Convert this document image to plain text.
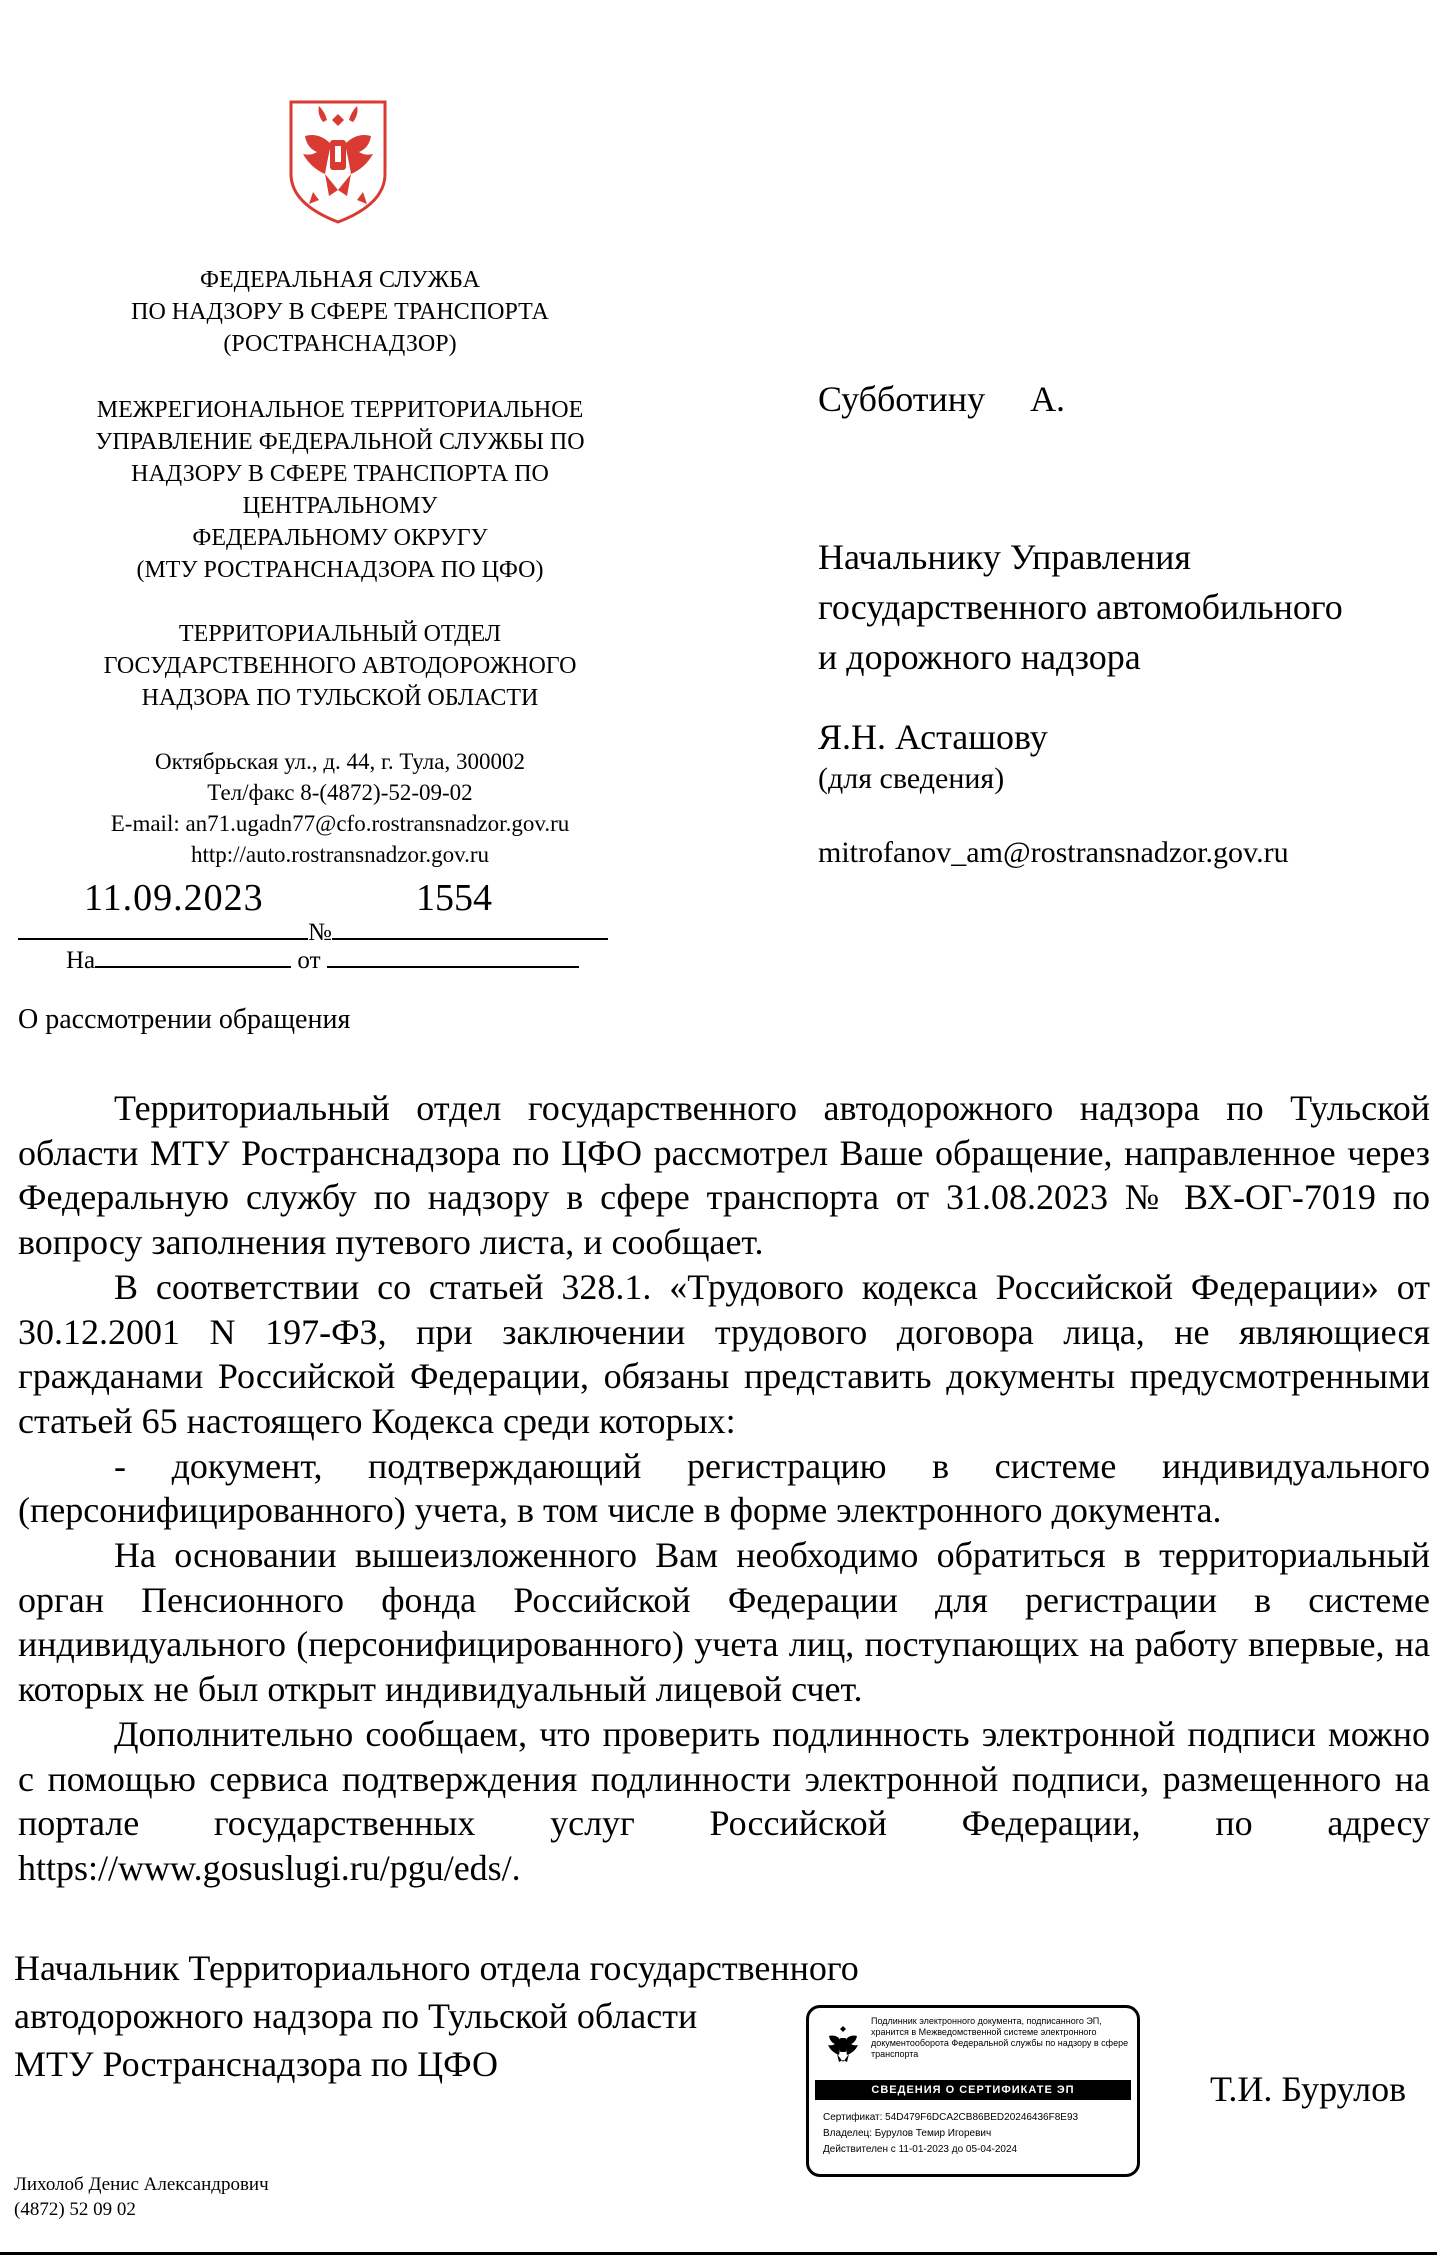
ФЕДЕРАЛЬНАЯ СЛУЖБА
ПО НАДЗОРУ В СФЕРЕ ТРАНСПОРТА
(РОСТРАНСНАДЗОР)
МЕЖРЕГИОНАЛЬНОЕ ТЕРРИТОРИАЛЬНОЕ
УПРАВЛЕНИЕ ФЕДЕРАЛЬНОЙ СЛУЖБЫ ПО
НАДЗОРУ В СФЕРЕ ТРАНСПОРТА ПО
ЦЕНТРАЛЬНОМУ
ФЕДЕРАЛЬНОМУ ОКРУГУ
(МТУ РОСТРАНСНАДЗОРА ПО ЦФО)
ТЕРРИТОРИАЛЬНЫЙ ОТДЕЛ
ГОСУДАРСТВЕННОГО АВТОДОРОЖНОГО
НАДЗОРА ПО ТУЛЬСКОЙ ОБЛАСТИ
Октябрьская ул., д. 44, г. Тула, 300002
Тел/факс 8-(4872)-52-09-02
E-mail: an71.ugadn77@cfo.rostransnadzor.gov.ru
http://auto.rostransnadzor.gov.ru
11.09.2023	1554
№
На	от
Субботину     А.
Начальнику Управления
государственного автомобильного
и дорожного надзора
Я.Н. Асташову
(для сведения)
mitrofanov_am@rostransnadzor.gov.ru
О рассмотрении обращения

Территориальный отдел государственного автодорожного надзора по Тульской области МТУ Ространснадзора по ЦФО рассмотрел Ваше обращение, направленное через Федеральную службу по надзору в сфере транспорта от 31.08.2023 № ВХ-ОГ-7019 по вопросу заполнения путевого листа, и сообщает.

В соответствии со статьей 328.1. «Трудового кодекса Российской Федерации» от 30.12.2001 N 197-ФЗ, при заключении трудового договора лица, не являющиеся гражданами Российской Федерации, обязаны представить документы предусмотренными статьей 65 настоящего Кодекса среди которых:

- документ, подтверждающий регистрацию в системе индивидуального (персонифицированного) учета, в том числе в форме электронного документа.

На основании вышеизложенного Вам необходимо обратиться в территориальный орган Пенсионного фонда Российской Федерации для регистрации в системе индивидуального (персонифицированного) учета лиц, поступающих на работу впервые, на которых не был открыт индивидуальный лицевой счет.

Дополнительно сообщаем, что проверить подлинность электронной подписи можно с помощью сервиса подтверждения подлинности электронной подписи, размещенного на портале государственных услуг Российской Федерации, по адресу https://www.gosuslugi.ru/pgu/eds/.

Начальник Территориального отдела государственного
автодорожного надзора по Тульской области
МТУ Ространснадзора по ЦФО
Подлинник электронного документа, подписанного ЭП, хранится в Межведомственной системе электронного документооборота Федеральной службы по надзору в сфере транспорта
СВЕДЕНИЯ О СЕРТИФИКАТЕ ЭП
Сертификат: 54D479F6DCA2CB86BED20246436F8E93
Владелец: Бурулов Темир Игоревич
Действителен с 11-01-2023 до 05-04-2024
Т.И. Бурулов
Лихолоб Денис Александрович
(4872) 52 09 02
